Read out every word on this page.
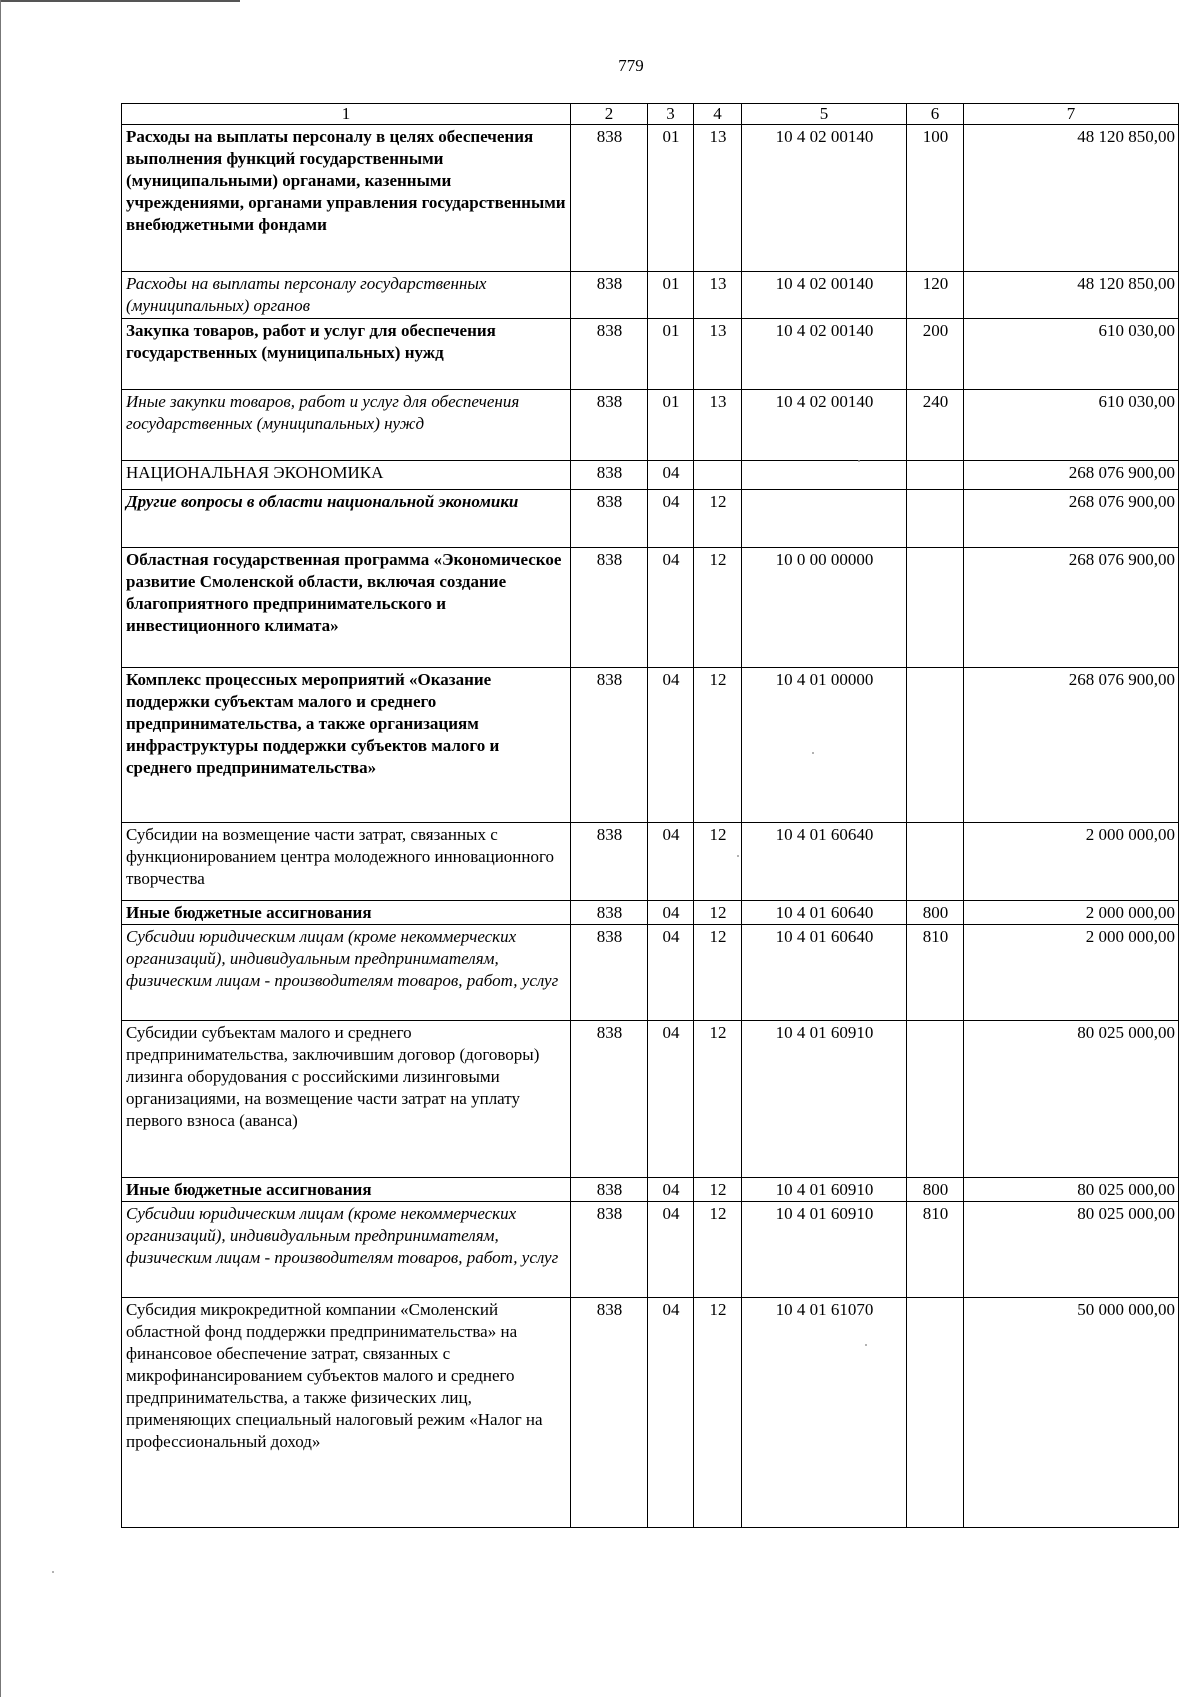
779
1	2	3	4	5	6	7
Расходы на выплаты персоналу в целях обеспечения выполнения функций государственными (муниципальными) органами, казенными учреждениями, органами управления государственными внебюджетными фондами	838	01	13	10 4 02 00140	100	48 120 850,00
Расходы на выплаты персоналу государственных (муниципальных) органов	838	01	13	10 4 02 00140	120	48 120 850,00
Закупка товаров, работ и услуг для обеспечения государственных (муниципальных) нужд	838	01	13	10 4 02 00140	200	610 030,00
Иные закупки товаров, работ и услуг для обеспечения государственных (муниципальных) нужд	838	01	13	10 4 02 00140	240	610 030,00
НАЦИОНАЛЬНАЯ ЭКОНОМИКА	838	04				268 076 900,00
Другие вопросы в области национальной экономики	838	04	12			268 076 900,00
Областная государственная программа «Экономическое развитие Смоленской области, включая создание благоприятного предпринимательского и инвестиционного климата»	838	04	12	10 0 00 00000		268 076 900,00
Комплекс процессных мероприятий «Оказание поддержки субъектам малого и среднего предпринимательства, а также организациям инфраструктуры поддержки субъектов малого и среднего предпринимательства»	838	04	12	10 4 01 00000		268 076 900,00
Субсидии на возмещение части затрат, связанных с функционированием центра молодежного инновационного творчества	838	04	12	10 4 01 60640		2 000 000,00
Иные бюджетные ассигнования	838	04	12	10 4 01 60640	800	2 000 000,00
Субсидии юридическим лицам (кроме некоммерческих организаций), индивидуальным предпринимателям, физическим лицам - производителям товаров, работ, услуг	838	04	12	10 4 01 60640	810	2 000 000,00
Субсидии субъектам малого и среднего предпринимательства, заключившим договор (договоры) лизинга оборудования с российскими лизинговыми организациями, на возмещение части затрат на уплату первого взноса (аванса)	838	04	12	10 4 01 60910		80 025 000,00
Иные бюджетные ассигнования	838	04	12	10 4 01 60910	800	80 025 000,00
Субсидии юридическим лицам (кроме некоммерческих организаций), индивидуальным предпринимателям, физическим лицам - производителям товаров, работ, услуг	838	04	12	10 4 01 60910	810	80 025 000,00
Субсидия микрокредитной компании «Смоленский областной фонд поддержки предпринимательства» на финансовое обеспечение затрат, связанных с микрофинансированием субъектов малого и среднего предпринимательства, а также физических лиц, применяющих специальный налоговый режим «Налог на профессиональный доход»	838	04	12	10 4 01 61070		50 000 000,00
